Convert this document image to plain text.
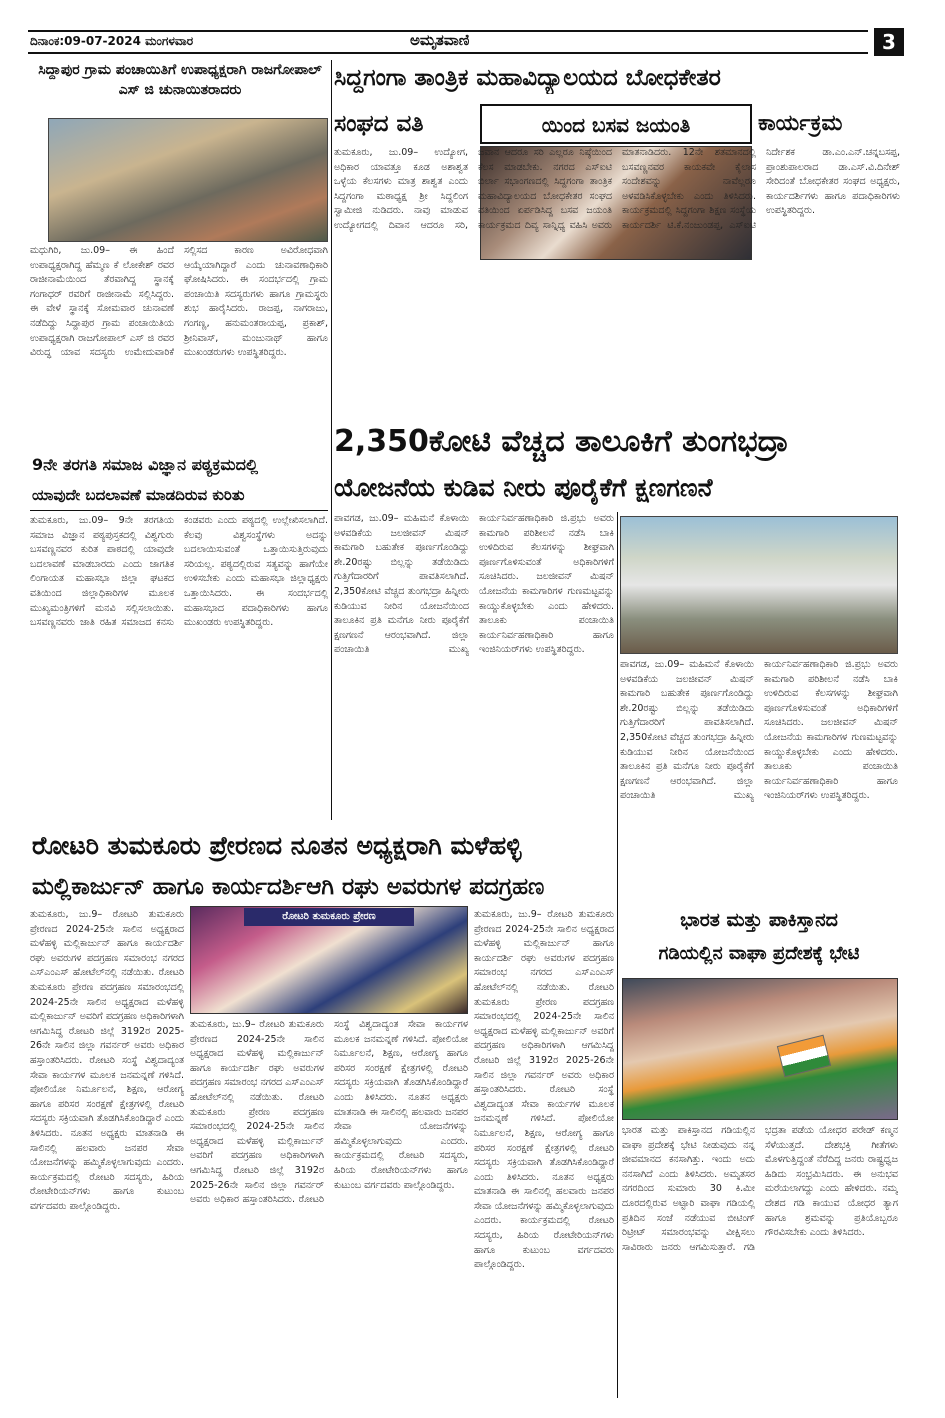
ದಿನಾಂಕ:09-07-2024 ಮಂಗಳವಾರ	ಅಮೃತವಾಣಿ	3
ಸಿದ್ದಾಪುರ ಗ್ರಾಮ ಪಂಚಾಯಿತಿಗೆ ಉಪಾಧ್ಯಕ್ಷರಾಗಿ ರಾಜಗೋಪಾಲ್ ಎಸ್ ಜಿ ಚುನಾಯಿತರಾದರು
ಮಧುಗಿರಿ, ಜು.09– ಈ ಹಿಂದೆ ಉಪಾಧ್ಯಕ್ಷರಾಗಿದ್ದ ಹೆಮ್ಮಣ ಕೆ ಲೋಕೇಶ್ ರವರ ರಾಜೀನಾಮೆಯಿಂದ ತೆರವಾಗಿದ್ದ ಸ್ಥಾನಕ್ಕೆ ಗಂಗಾಧರ್ ರವರಿಗೆ ರಾಜೀನಾಮೆ ಸಲ್ಲಿಸಿದ್ದರು. ಈ ವೇಳೆ ಸ್ಥಾನಕ್ಕೆ ಸೋಮವಾರ ಚುನಾವಣೆ ನಡೆದಿದ್ದು ಸಿದ್ದಾಪುರ ಗ್ರಾಮ ಪಂಚಾಯಿತಿಯ ಉಪಾಧ್ಯಕ್ಷರಾಗಿ ರಾಜಗೋಪಾಲ್ ಎಸ್ ಜಿ ರವರ ವಿರುದ್ಧ ಯಾವ ಸದಸ್ಯರು ಉಮೇದುವಾರಿಕೆ ಸಲ್ಲಿಸದ ಕಾರಣ ಅವಿರೋಧವಾಗಿ ಆಯ್ಕೆಯಾಗಿದ್ದಾರೆ ಎಂದು ಚುನಾವಣಾಧಿಕಾರಿ ಘೋಷಿಸಿದರು. ಈ ಸಂದರ್ಭದಲ್ಲಿ ಗ್ರಾಮ ಪಂಚಾಯಿತಿ ಸದಸ್ಯರುಗಳು ಹಾಗೂ ಗ್ರಾಮಸ್ಥರು ಶುಭ ಹಾರೈಸಿದರು. ರಾಜಪ್ಪ, ನಾಗರಾಜು, ಗಂಗಣ್ಣ, ಹನುಮಂತರಾಯಪ್ಪ, ಪ್ರಕಾಶ್, ಶ್ರೀನಿವಾಸ್, ಮಂಜುನಾಥ್ ಹಾಗೂ ಮುಖಂಡರುಗಳು ಉಪಸ್ಥಿತರಿದ್ದರು.
ಸಿದ್ದಗಂಗಾ ತಾಂತ್ರಿಕ ಮಹಾವಿದ್ಯಾಲಯದ ಬೋಧಕೇತರ
ಸಂಘದ ವತಿ	ಯಿಂದ ಬಸವ ಜಯಂತಿ	ಕಾರ್ಯಕ್ರಮ
ತುಮಕೂರು, ಜು.09– ಉದ್ಯೋಗ, ಅಧಿಕಾರ ಯಾವತ್ತೂ ಕೂಡ ಅಶಾಶ್ವತ ಒಳ್ಳೆಯ ಕೆಲಸಗಳು ಮಾತ್ರ ಶಾಶ್ವತ ಎಂದು ಸಿದ್ದಗಂಗಾ ಮಠಾಧ್ಯಕ್ಷ ಶ್ರೀ ಸಿದ್ದಲಿಂಗ ಸ್ವಾಮೀಜಿ ನುಡಿದರು. ನಾವು ಮಾಡುವ ಉದ್ಯೋಗದಲ್ಲಿ ದಿವಾನ ಆದರೂ ಸರಿ, ಜವಾನ ಆದರೂ ಸರಿ ಎಲ್ಲರೂ ನಿಷ್ಠೆಯಿಂದ ಕೆಲಸ ಮಾಡಬೇಕು. ನಗರದ ಎಸ್‌ಐಟಿ ಬಿರ್ಲಾ ಸಭಾಂಗಣದಲ್ಲಿ ಸಿದ್ದಗಂಗಾ ತಾಂತ್ರಿಕ ಮಹಾವಿದ್ಯಾಲಯದ ಬೋಧಕೇತರ ಸಂಘದ ವತಿಯಿಂದ ಏರ್ಪಡಿಸಿದ್ದ ಬಸವ ಜಯಂತಿ ಕಾರ್ಯಕ್ರಮದ ದಿವ್ಯ ಸಾನ್ನಿಧ್ಯ ವಹಿಸಿ ಅವರು ಮಾತನಾಡಿದರು. 12ನೇ ಶತಮಾನದಲ್ಲಿ ಬಸವಣ್ಣನವರ ಕಾಯಕವೇ ಕೈಲಾಸ ಸಂದೇಶವನ್ನು ನಾವೆಲ್ಲರೂ ಅಳವಡಿಸಿಕೊಳ್ಳಬೇಕು ಎಂದು ತಿಳಿಸಿದರು. ಕಾರ್ಯಕ್ರಮದಲ್ಲಿ ಸಿದ್ದಗಂಗಾ ಶಿಕ್ಷಣ ಸಂಸ್ಥೆಯ ಕಾರ್ಯದರ್ಶಿ ಟಿ.ಕೆ.ನಂಜುಂಡಪ್ಪ, ಎಸ್‌ಐಟಿ ನಿರ್ದೇಶಕ ಡಾ.ಎಂ.ಎನ್.ಚನ್ನಬಸಪ್ಪ, ಪ್ರಾಂಶುಪಾಲರಾದ ಡಾ.ಎಸ್.ವಿ.ದಿನೇಶ್ ಸೇರಿದಂತೆ ಬೋಧಕೇತರ ಸಂಘದ ಅಧ್ಯಕ್ಷರು, ಕಾರ್ಯದರ್ಶಿಗಳು ಹಾಗೂ ಪದಾಧಿಕಾರಿಗಳು ಉಪಸ್ಥಿತರಿದ್ದರು.
9ನೇ ತರಗತಿ ಸಮಾಜ ವಿಜ್ಞಾನ ಪಠ್ಯಕ್ರಮದಲ್ಲಿ
ಯಾವುದೇ ಬದಲಾವಣೆ ಮಾಡದಿರುವ ಕುರಿತು
ತುಮಕೂರು, ಜು.09– 9ನೇ ತರಗತಿಯ ಸಮಾಜ ವಿಜ್ಞಾನ ಪಠ್ಯಪುಸ್ತಕದಲ್ಲಿ ವಿಶ್ವಗುರು ಬಸವಣ್ಣನವರ ಕುರಿತ ಪಾಠದಲ್ಲಿ ಯಾವುದೇ ಬದಲಾವಣೆ ಮಾಡಬಾರದು ಎಂದು ಜಾಗತಿಕ ಲಿಂಗಾಯತ ಮಹಾಸಭಾ ಜಿಲ್ಲಾ ಘಟಕದ ವತಿಯಿಂದ ಜಿಲ್ಲಾಧಿಕಾರಿಗಳ ಮೂಲಕ ಮುಖ್ಯಮಂತ್ರಿಗಳಿಗೆ ಮನವಿ ಸಲ್ಲಿಸಲಾಯಿತು. ಬಸವಣ್ಣನವರು ಜಾತಿ ರಹಿತ ಸಮಾಜದ ಕನಸು ಕಂಡವರು ಎಂದು ಪಠ್ಯದಲ್ಲಿ ಉಲ್ಲೇಖಿಸಲಾಗಿದೆ. ಕೆಲವು ವಿಶ್ವಸಂಸ್ಥೆಗಳು ಅದನ್ನು ಬದಲಾಯಿಸುವಂತೆ ಒತ್ತಾಯಿಸುತ್ತಿರುವುದು ಸರಿಯಲ್ಲ. ಪಠ್ಯದಲ್ಲಿರುವ ಸತ್ಯವನ್ನು ಹಾಗೆಯೇ ಉಳಿಸಬೇಕು ಎಂದು ಮಹಾಸಭಾ ಜಿಲ್ಲಾಧ್ಯಕ್ಷರು ಒತ್ತಾಯಿಸಿದರು. ಈ ಸಂದರ್ಭದಲ್ಲಿ ಮಹಾಸಭಾದ ಪದಾಧಿಕಾರಿಗಳು ಹಾಗೂ ಮುಖಂಡರು ಉಪಸ್ಥಿತರಿದ್ದರು.
2,350ಕೋಟಿ ವೆಚ್ಚದ ತಾಲೂಕಿಗೆ ತುಂಗಭದ್ರಾ
ಯೋಜನೆಯ ಕುಡಿವ ನೀರು ಪೂರೈಕೆಗೆ ಕ್ಷಣಗಣನೆ
ಪಾವಗಡ, ಜು.09– ಮಹಿಮನೆ ಕೊಳಾಯಿ ಅಳವಡಿಕೆಯ ಜಲಜೀವನ್ ಮಿಷನ್ ಕಾಮಗಾರಿ ಬಹುತೇಕ ಪೂರ್ಣಗೊಂಡಿದ್ದು ಶೇ.20ರಷ್ಟು ಬಿಲ್ಲನ್ನು ತಡೆಯಿಡಿದು ಗುತ್ತಿಗೆದಾರರಿಗೆ ಪಾವತಿಸಲಾಗಿದೆ. 2,350ಕೋಟಿ ವೆಚ್ಚದ ತುಂಗಭದ್ರಾ ಹಿನ್ನೀರು ಕುಡಿಯುವ ನೀರಿನ ಯೋಜನೆಯಿಂದ ತಾಲೂಕಿನ ಪ್ರತಿ ಮನೆಗೂ ನೀರು ಪೂರೈಕೆಗೆ ಕ್ಷಣಗಣನೆ ಆರಂಭವಾಗಿದೆ. ಜಿಲ್ಲಾ ಪಂಚಾಯಿತಿ ಮುಖ್ಯ ಕಾರ್ಯನಿರ್ವಹಣಾಧಿಕಾರಿ ಜಿ.ಪ್ರಭು ಅವರು ಕಾಮಗಾರಿ ಪರಿಶೀಲನೆ ನಡೆಸಿ ಬಾಕಿ ಉಳಿದಿರುವ ಕೆಲಸಗಳನ್ನು ಶೀಘ್ರವಾಗಿ ಪೂರ್ಣಗೊಳಿಸುವಂತೆ ಅಧಿಕಾರಿಗಳಿಗೆ ಸೂಚಿಸಿದರು. ಜಲಜೀವನ್ ಮಿಷನ್ ಯೋಜನೆಯ ಕಾಮಗಾರಿಗಳ ಗುಣಮಟ್ಟವನ್ನು ಕಾಯ್ದುಕೊಳ್ಳಬೇಕು ಎಂದು ಹೇಳಿದರು. ತಾಲೂಕು ಪಂಚಾಯಿತಿ ಕಾರ್ಯನಿರ್ವಹಣಾಧಿಕಾರಿ ಹಾಗೂ ಇಂಜಿನಿಯರ್‌ಗಳು ಉಪಸ್ಥಿತರಿದ್ದರು.
ಪಾವಗಡ, ಜು.09– ಮಹಿಮನೆ ಕೊಳಾಯಿ ಅಳವಡಿಕೆಯ ಜಲಜೀವನ್ ಮಿಷನ್ ಕಾಮಗಾರಿ ಬಹುತೇಕ ಪೂರ್ಣಗೊಂಡಿದ್ದು ಶೇ.20ರಷ್ಟು ಬಿಲ್ಲನ್ನು ತಡೆಯಿಡಿದು ಗುತ್ತಿಗೆದಾರರಿಗೆ ಪಾವತಿಸಲಾಗಿದೆ. 2,350ಕೋಟಿ ವೆಚ್ಚದ ತುಂಗಭದ್ರಾ ಹಿನ್ನೀರು ಕುಡಿಯುವ ನೀರಿನ ಯೋಜನೆಯಿಂದ ತಾಲೂಕಿನ ಪ್ರತಿ ಮನೆಗೂ ನೀರು ಪೂರೈಕೆಗೆ ಕ್ಷಣಗಣನೆ ಆರಂಭವಾಗಿದೆ. ಜಿಲ್ಲಾ ಪಂಚಾಯಿತಿ ಮುಖ್ಯ ಕಾರ್ಯನಿರ್ವಹಣಾಧಿಕಾರಿ ಜಿ.ಪ್ರಭು ಅವರು ಕಾಮಗಾರಿ ಪರಿಶೀಲನೆ ನಡೆಸಿ ಬಾಕಿ ಉಳಿದಿರುವ ಕೆಲಸಗಳನ್ನು ಶೀಘ್ರವಾಗಿ ಪೂರ್ಣಗೊಳಿಸುವಂತೆ ಅಧಿಕಾರಿಗಳಿಗೆ ಸೂಚಿಸಿದರು. ಜಲಜೀವನ್ ಮಿಷನ್ ಯೋಜನೆಯ ಕಾಮಗಾರಿಗಳ ಗುಣಮಟ್ಟವನ್ನು ಕಾಯ್ದುಕೊಳ್ಳಬೇಕು ಎಂದು ಹೇಳಿದರು. ತಾಲೂಕು ಪಂಚಾಯಿತಿ ಕಾರ್ಯನಿರ್ವಹಣಾಧಿಕಾರಿ ಹಾಗೂ ಇಂಜಿನಿಯರ್‌ಗಳು ಉಪಸ್ಥಿತರಿದ್ದರು.
ರೋಟರಿ ತುಮಕೂರು ಪ್ರೇರಣದ ನೂತನ ಅಧ್ಯಕ್ಷರಾಗಿ ಮಳೆಹಳ್ಳಿ
ಮಲ್ಲಿಕಾರ್ಜುನ್ ಹಾಗೂ ಕಾರ್ಯದರ್ಶಿಆಗಿ ರಘು ಅವರುಗಳ ಪದಗ್ರಹಣ
ತುಮಕೂರು, ಜು.9– ರೋಟರಿ ತುಮಕೂರು ಪ್ರೇರಣದ 2024-25ನೇ ಸಾಲಿನ ಅಧ್ಯಕ್ಷರಾದ ಮಳೆಹಳ್ಳಿ ಮಲ್ಲಿಕಾರ್ಜುನ್ ಹಾಗೂ ಕಾರ್ಯದರ್ಶಿ ರಘು ಅವರುಗಳ ಪದಗ್ರಹಣ ಸಮಾರಂಭ ನಗರದ ಎಸ್‌ಎಂಎಸ್ ಹೋಟೆಲ್‌ನಲ್ಲಿ ನಡೆಯಿತು. ರೋಟರಿ ತುಮಕೂರು ಪ್ರೇರಣ ಪದಗ್ರಹಣ ಸಮಾರಂಭದಲ್ಲಿ 2024-25ನೇ ಸಾಲಿನ ಅಧ್ಯಕ್ಷರಾದ ಮಳೆಹಳ್ಳಿ ಮಲ್ಲಿಕಾರ್ಜುನ್ ಅವರಿಗೆ ಪದಗ್ರಹಣ ಅಧಿಕಾರಿಗಳಾಗಿ ಆಗಮಿಸಿದ್ದ ರೋಟರಿ ಜಿಲ್ಲೆ 3192ರ 2025-26ನೇ ಸಾಲಿನ ಜಿಲ್ಲಾ ಗವರ್ನರ್ ಅವರು ಅಧಿಕಾರ ಹಸ್ತಾಂತರಿಸಿದರು. ರೋಟರಿ ಸಂಸ್ಥೆ ವಿಶ್ವದಾದ್ಯಂತ ಸೇವಾ ಕಾರ್ಯಗಳ ಮೂಲಕ ಜನಮನ್ನಣೆ ಗಳಿಸಿದೆ. ಪೋಲಿಯೋ ನಿರ್ಮೂಲನೆ, ಶಿಕ್ಷಣ, ಆರೋಗ್ಯ ಹಾಗೂ ಪರಿಸರ ಸಂರಕ್ಷಣೆ ಕ್ಷೇತ್ರಗಳಲ್ಲಿ ರೋಟರಿ ಸದಸ್ಯರು ಸಕ್ರಿಯವಾಗಿ ತೊಡಗಿಸಿಕೊಂಡಿದ್ದಾರೆ ಎಂದು ತಿಳಿಸಿದರು. ನೂತನ ಅಧ್ಯಕ್ಷರು ಮಾತನಾಡಿ ಈ ಸಾಲಿನಲ್ಲಿ ಹಲವಾರು ಜನಪರ ಸೇವಾ ಯೋಜನೆಗಳನ್ನು ಹಮ್ಮಿಕೊಳ್ಳಲಾಗುವುದು ಎಂದರು. ಕಾರ್ಯಕ್ರಮದಲ್ಲಿ ರೋಟರಿ ಸದಸ್ಯರು, ಹಿರಿಯ ರೋಟೇರಿಯನ್‌ಗಳು ಹಾಗೂ ಕುಟುಂಬ ವರ್ಗದವರು ಪಾಲ್ಗೊಂಡಿದ್ದರು.
ರೋಟರಿ ತುಮಕೂರು ಪ್ರೇರಣ
ತುಮಕೂರು, ಜು.9– ರೋಟರಿ ತುಮಕೂರು ಪ್ರೇರಣದ 2024-25ನೇ ಸಾಲಿನ ಅಧ್ಯಕ್ಷರಾದ ಮಳೆಹಳ್ಳಿ ಮಲ್ಲಿಕಾರ್ಜುನ್ ಹಾಗೂ ಕಾರ್ಯದರ್ಶಿ ರಘು ಅವರುಗಳ ಪದಗ್ರಹಣ ಸಮಾರಂಭ ನಗರದ ಎಸ್‌ಎಂಎಸ್ ಹೋಟೆಲ್‌ನಲ್ಲಿ ನಡೆಯಿತು. ರೋಟರಿ ತುಮಕೂರು ಪ್ರೇರಣ ಪದಗ್ರಹಣ ಸಮಾರಂಭದಲ್ಲಿ 2024-25ನೇ ಸಾಲಿನ ಅಧ್ಯಕ್ಷರಾದ ಮಳೆಹಳ್ಳಿ ಮಲ್ಲಿಕಾರ್ಜುನ್ ಅವರಿಗೆ ಪದಗ್ರಹಣ ಅಧಿಕಾರಿಗಳಾಗಿ ಆಗಮಿಸಿದ್ದ ರೋಟರಿ ಜಿಲ್ಲೆ 3192ರ 2025-26ನೇ ಸಾಲಿನ ಜಿಲ್ಲಾ ಗವರ್ನರ್ ಅವರು ಅಧಿಕಾರ ಹಸ್ತಾಂತರಿಸಿದರು. ರೋಟರಿ ಸಂಸ್ಥೆ ವಿಶ್ವದಾದ್ಯಂತ ಸೇವಾ ಕಾರ್ಯಗಳ ಮೂಲಕ ಜನಮನ್ನಣೆ ಗಳಿಸಿದೆ. ಪೋಲಿಯೋ ನಿರ್ಮೂಲನೆ, ಶಿಕ್ಷಣ, ಆರೋಗ್ಯ ಹಾಗೂ ಪರಿಸರ ಸಂರಕ್ಷಣೆ ಕ್ಷೇತ್ರಗಳಲ್ಲಿ ರೋಟರಿ ಸದಸ್ಯರು ಸಕ್ರಿಯವಾಗಿ ತೊಡಗಿಸಿಕೊಂಡಿದ್ದಾರೆ ಎಂದು ತಿಳಿಸಿದರು. ನೂತನ ಅಧ್ಯಕ್ಷರು ಮಾತನಾಡಿ ಈ ಸಾಲಿನಲ್ಲಿ ಹಲವಾರು ಜನಪರ ಸೇವಾ ಯೋಜನೆಗಳನ್ನು ಹಮ್ಮಿಕೊಳ್ಳಲಾಗುವುದು ಎಂದರು. ಕಾರ್ಯಕ್ರಮದಲ್ಲಿ ರೋಟರಿ ಸದಸ್ಯರು, ಹಿರಿಯ ರೋಟೇರಿಯನ್‌ಗಳು ಹಾಗೂ ಕುಟುಂಬ ವರ್ಗದವರು ಪಾಲ್ಗೊಂಡಿದ್ದರು.
ತುಮಕೂರು, ಜು.9– ರೋಟರಿ ತುಮಕೂರು ಪ್ರೇರಣದ 2024-25ನೇ ಸಾಲಿನ ಅಧ್ಯಕ್ಷರಾದ ಮಳೆಹಳ್ಳಿ ಮಲ್ಲಿಕಾರ್ಜುನ್ ಹಾಗೂ ಕಾರ್ಯದರ್ಶಿ ರಘು ಅವರುಗಳ ಪದಗ್ರಹಣ ಸಮಾರಂಭ ನಗರದ ಎಸ್‌ಎಂಎಸ್ ಹೋಟೆಲ್‌ನಲ್ಲಿ ನಡೆಯಿತು. ರೋಟರಿ ತುಮಕೂರು ಪ್ರೇರಣ ಪದಗ್ರಹಣ ಸಮಾರಂಭದಲ್ಲಿ 2024-25ನೇ ಸಾಲಿನ ಅಧ್ಯಕ್ಷರಾದ ಮಳೆಹಳ್ಳಿ ಮಲ್ಲಿಕಾರ್ಜುನ್ ಅವರಿಗೆ ಪದಗ್ರಹಣ ಅಧಿಕಾರಿಗಳಾಗಿ ಆಗಮಿಸಿದ್ದ ರೋಟರಿ ಜಿಲ್ಲೆ 3192ರ 2025-26ನೇ ಸಾಲಿನ ಜಿಲ್ಲಾ ಗವರ್ನರ್ ಅವರು ಅಧಿಕಾರ ಹಸ್ತಾಂತರಿಸಿದರು. ರೋಟರಿ ಸಂಸ್ಥೆ ವಿಶ್ವದಾದ್ಯಂತ ಸೇವಾ ಕಾರ್ಯಗಳ ಮೂಲಕ ಜನಮನ್ನಣೆ ಗಳಿಸಿದೆ. ಪೋಲಿಯೋ ನಿರ್ಮೂಲನೆ, ಶಿಕ್ಷಣ, ಆರೋಗ್ಯ ಹಾಗೂ ಪರಿಸರ ಸಂರಕ್ಷಣೆ ಕ್ಷೇತ್ರಗಳಲ್ಲಿ ರೋಟರಿ ಸದಸ್ಯರು ಸಕ್ರಿಯವಾಗಿ ತೊಡಗಿಸಿಕೊಂಡಿದ್ದಾರೆ ಎಂದು ತಿಳಿಸಿದರು. ನೂತನ ಅಧ್ಯಕ್ಷರು ಮಾತನಾಡಿ ಈ ಸಾಲಿನಲ್ಲಿ ಹಲವಾರು ಜನಪರ ಸೇವಾ ಯೋಜನೆಗಳನ್ನು ಹಮ್ಮಿಕೊಳ್ಳಲಾಗುವುದು ಎಂದರು. ಕಾರ್ಯಕ್ರಮದಲ್ಲಿ ರೋಟರಿ ಸದಸ್ಯರು, ಹಿರಿಯ ರೋಟೇರಿಯನ್‌ಗಳು ಹಾಗೂ ಕುಟುಂಬ ವರ್ಗದವರು ಪಾಲ್ಗೊಂಡಿದ್ದರು.
ಭಾರತ ಮತ್ತು ಪಾಕಿಸ್ತಾನದ
ಗಡಿಯಲ್ಲಿನ ವಾಘಾ ಪ್ರದೇಶಕ್ಕೆ ಭೇಟಿ
ಭಾರತ ಮತ್ತು ಪಾಕಿಸ್ತಾನದ ಗಡಿಯಲ್ಲಿನ ವಾಘಾ ಪ್ರದೇಶಕ್ಕೆ ಭೇಟಿ ನೀಡುವುದು ನನ್ನ ಜೀವಮಾನದ ಕನಸಾಗಿತ್ತು. ಇಂದು ಅದು ನನಸಾಗಿದೆ ಎಂದು ತಿಳಿಸಿದರು. ಅಮೃತಸರ ನಗರದಿಂದ ಸುಮಾರು 30 ಕಿ.ಮೀ ದೂರದಲ್ಲಿರುವ ಅಟ್ಟಾರಿ ವಾಘಾ ಗಡಿಯಲ್ಲಿ ಪ್ರತಿದಿನ ಸಂಜೆ ನಡೆಯುವ ಬೀಟಿಂಗ್ ರಿಟ್ರೀಟ್ ಸಮಾರಂಭವನ್ನು ವೀಕ್ಷಿಸಲು ಸಾವಿರಾರು ಜನರು ಆಗಮಿಸುತ್ತಾರೆ. ಗಡಿ ಭದ್ರತಾ ಪಡೆಯ ಯೋಧರ ಪರೇಡ್ ಕಣ್ಮನ ಸೆಳೆಯುತ್ತದೆ. ದೇಶಭಕ್ತಿ ಗೀತೆಗಳು ಮೊಳಗುತ್ತಿದ್ದಂತೆ ನೆರೆದಿದ್ದ ಜನರು ರಾಷ್ಟ್ರಧ್ವಜ ಹಿಡಿದು ಸಂಭ್ರಮಿಸಿದರು. ಈ ಅನುಭವ ಮರೆಯಲಾಗದ್ದು ಎಂದು ಹೇಳಿದರು. ನಮ್ಮ ದೇಶದ ಗಡಿ ಕಾಯುವ ಯೋಧರ ತ್ಯಾಗ ಹಾಗೂ ಶ್ರಮವನ್ನು ಪ್ರತಿಯೊಬ್ಬರೂ ಗೌರವಿಸಬೇಕು ಎಂದು ತಿಳಿಸಿದರು.
